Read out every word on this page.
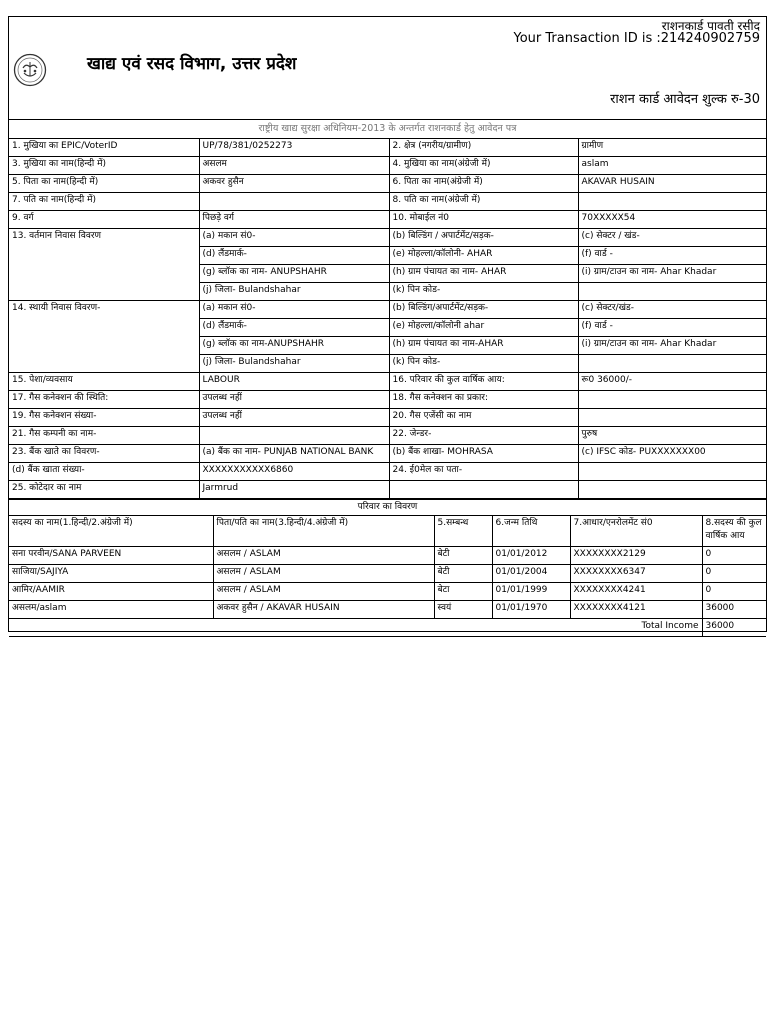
खाद्य एवं रसद विभाग, उत्तर प्रदेश
राशनकार्ड पावती रसीद
Your Transaction ID is :214240902759
राशन कार्ड आवेदन शुल्क रु-30
राष्ट्रीय खाद्य सुरक्षा अधिनियम-2013 के अन्तर्गत राशनकार्ड हेतु आवेदन पत्र
1. मुखिया का EPIC/VoterID	UP/78/381/0252273	2. क्षेत्र (नगरीय/ग्रामीण)	ग्रामीण
3. मुखिया का नाम(हिन्दी में)	असलम	4. मुखिया का नाम(अंग्रेजी में)	aslam
5. पिता का नाम(हिन्दी में)	अकवर हुसैन	6. पिता का नाम(अंग्रेजी में)	AKAVAR HUSAIN
7. पति का नाम(हिन्दी में)		8. पति का नाम(अंग्रेजी में)	
9. वर्ग	पिछड़े वर्ग	10. मोबाईल नं0	70XXXXX54
13. वर्तमान निवास विवरण	(a) मकान सं0-	(b) बिल्डिंग / अपार्टमेंट/सड़क-	(c) सेक्टर / खंड-
	(d) लैंडमार्क-	(e) मोहल्ला/कॉलोनी- AHAR	(f) वार्ड -
	(g) ब्लॉक का नाम- ANUPSHAHR	(h) ग्राम पंचायत का नाम- AHAR	(i) ग्राम/टाउन का नाम- Ahar Khadar
	(j) जिला- Bulandshahar	(k) पिन कोड-	
14. स्थायी निवास विवरण-	(a) मकान सं0-	(b) बिल्डिंग/अपार्टमेंट/सड़क-	(c) सेक्टर/खंड-
	(d) लैंडमार्क-	(e) मोहल्ला/कॉलोनी ahar	(f) वार्ड -
	(g) ब्लॉक का नाम-ANUPSHAHR	(h) ग्राम पंचायत का नाम-AHAR	(i) ग्राम/टाउन का नाम- Ahar Khadar
	(j) जिला- Bulandshahar	(k) पिन कोड-	
15. पेशा/व्यवसाय	LABOUR	16. परिवार की कुल वार्षिक आय:	रू0 36000/-
17. गैस कनेक्शन की स्थिति:	उपलब्ध नहीं	18. गैस कनेक्शन का प्रकार:	
19. गैस कनेक्शन संख्या-	उपलब्ध नहीं	20. गैस एजेंसी का नाम	
21. गैस कम्पनी का नाम-		22. जेन्डर-	पुरुष
23. बैंक खाते का विवरण-	(a) बैंक का नाम- PUNJAB NATIONAL BANK	(b) बैंक शाखा- MOHRASA	(c) IFSC कोड- PUXXXXXXX00
(d) बैंक खाता संख्या-	XXXXXXXXXXX6860	24. ई0मेल का पता-	
25. कोटेदार का नाम	Jarmrud		
परिवार का विवरण
सदस्य का नाम(1.हिन्दी/2.अंग्रेजी में)	पिता/पति का नाम(3.हिन्दी/4.अंग्रेजी में)	5.सम्बन्ध	6.जन्म तिथि	7.आधार/एनरोलमेंट सं0	8.सदस्य की कुल वार्षिक आय
सना परवीन/SANA PARVEEN	असलम / ASLAM	बेटी	01/01/2012	XXXXXXXX2129	0
साजिया/SAJIYA	असलम / ASLAM	बेटी	01/01/2004	XXXXXXXX6347	0
आमिर/AAMIR	असलम / ASLAM	बेटा	01/01/1999	XXXXXXXX4241	0
असलम/aslam	अकवर हुसैन / AKAVAR HUSAIN	स्वयं	01/01/1970	XXXXXXXX4121	36000
Total Income					36000
